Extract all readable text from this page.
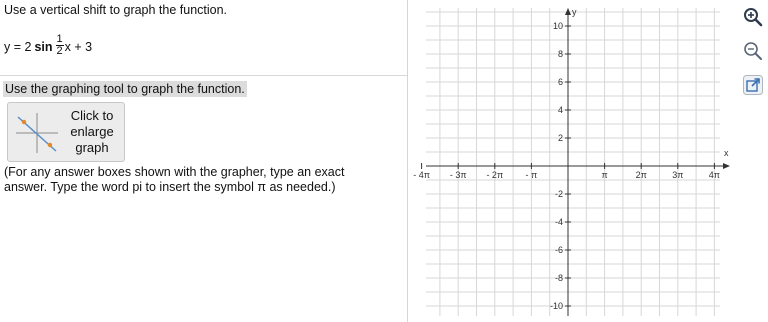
Use a vertical shift to graph the function.
y = 2 $\sin \frac{1}{2}$ x + 3
Use the graphing tool to graph the function.
Click to
enlarge
graph
(For any answer boxes shown with the grapher, type an exact answer. Type the word pi to insert the symbol π as needed.)
y
x
- 4π - 3π - 2π - π	π	2π	3π	4π
10
8
6
4
2
-2
-4
-6
-8
-10
